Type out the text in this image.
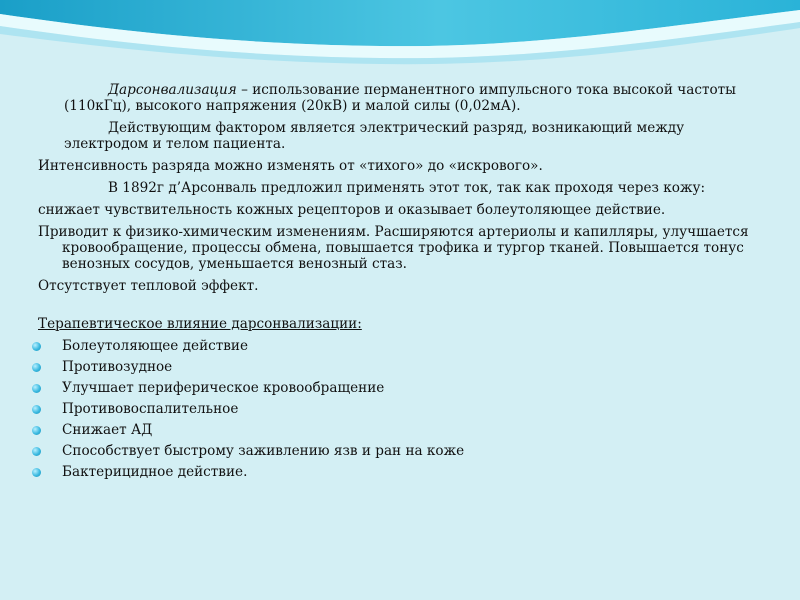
Дарсонвализация – использование перманентного импульсного тока высокой частоты (110кГц), высокого напряжения (20кВ) и малой силы (0,02мА).

Действующим фактором является электрический разряд, возникающий между электродом и телом пациента.

Интенсивность разряда можно изменять от «тихого» до «искрового».

В 1892г д’Арсонваль предложил применять этот ток, так как проходя через кожу:

снижает чувствительность кожных рецепторов и оказывает болеутоляющее действие.

Приводит к физико-химическим изменениям. Расширяются артериолы и капилляры, улучшается кровообращение, процессы обмена, повышается трофика и тургор тканей. Повышается тонус венозных сосудов, уменьшается венозный стаз.

Отсутствует тепловой эффект.

Терапевтическое влияние дарсонвализации:

Болеутоляющее действие
Противозудное
Улучшает периферическое кровообращение
Противовоспалительное
Снижает АД
Способствует быстрому заживлению язв и ран на коже
Бактерицидное действие.
